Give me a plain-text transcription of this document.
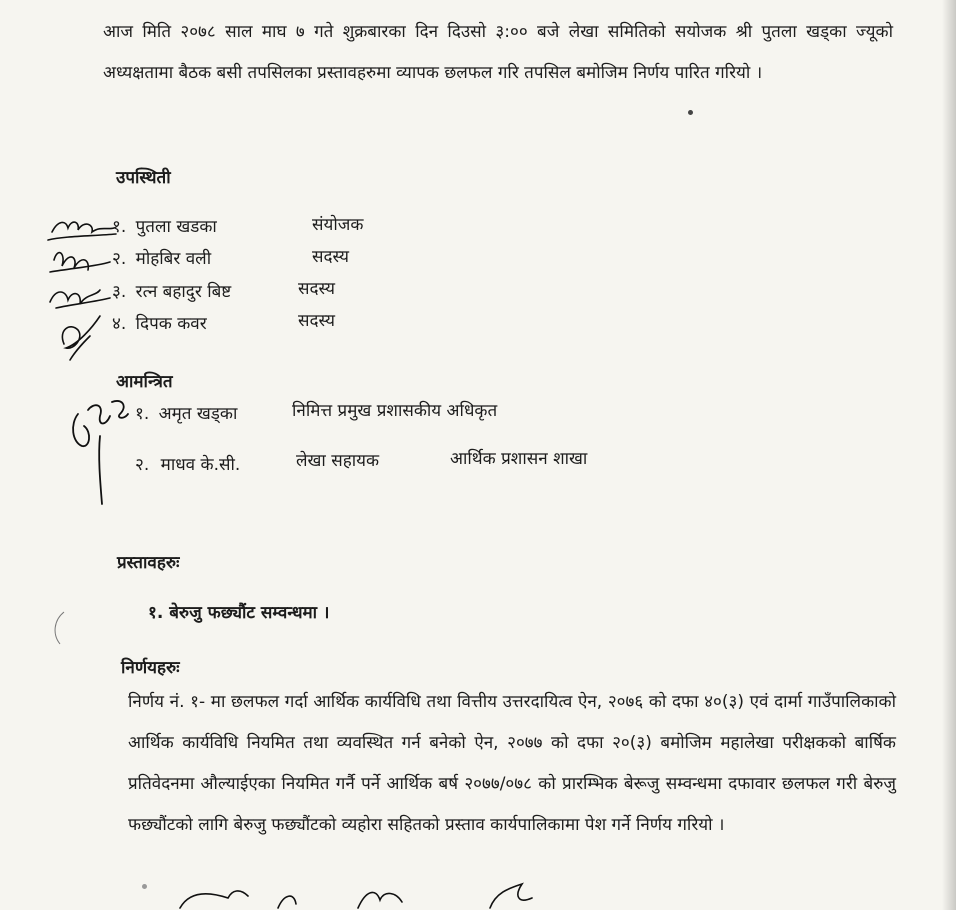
आज मिति २०७८ साल माघ ७ गते शुक्रबारका दिन दिउसो ३:०० बजे लेखा समितिको सयोजक श्री पुतला खड्का ज्यूको अध्यक्षतामा बैठक बसी तपसिलका प्रस्तावहरुमा व्यापक छलफल गरि तपसिल बमोजिम निर्णय पारित गरियो ।
उपस्थिती
१. पुतला खडका	संयोजक
२. मोहबिर वली	सदस्य
३. रत्न बहादुर बिष्ट	सदस्य
४. दिपक कवर	सदस्य
आमन्त्रित
१. अमृत खड्का	निमित्त प्रमुख प्रशासकीय अधिकृत
२. माधव के.सी.	लेखा सहायक	आर्थिक प्रशासन शाखा
प्रस्तावहरुः
१. बेरुजु फछ्यौंट सम्वन्धमा ।
निर्णयहरुः
निर्णय नं. १- मा छलफल गर्दा आर्थिक कार्यविधि तथा वित्तीय उत्तरदायित्व ऐन, २०७६ को दफा ४०(३) एवं दार्मा गाउँपालिकाको आर्थिक कार्यविधि नियमित तथा व्यवस्थित गर्न बनेको ऐन, २०७७ को दफा २०(३) बमोजिम महालेखा परीक्षकको बार्षिक प्रतिवेदनमा औल्याईएका नियमित गर्नै पर्ने आर्थिक बर्ष २०७७/०७८ को प्रारम्भिक बेरूजु सम्वन्धमा दफावार छलफल गरी बेरुजु फछ्यौंटको लागि बेरुजु फछ्यौंटको व्यहोरा सहितको प्रस्ताव कार्यपालिकामा पेश गर्ने निर्णय गरियो ।
